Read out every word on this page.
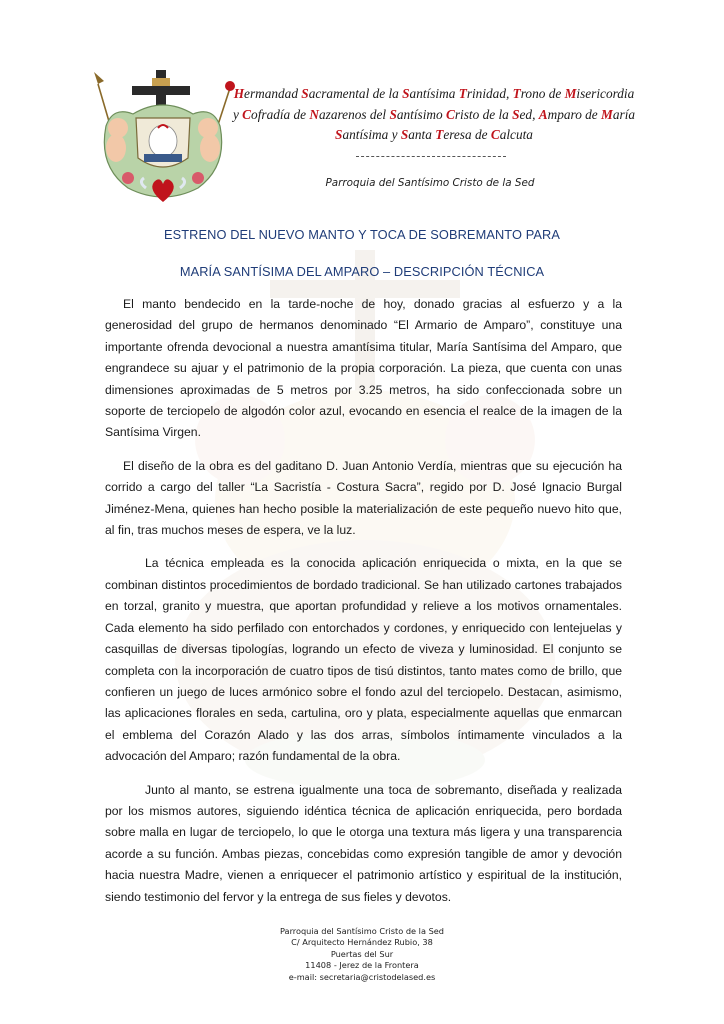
Hermandad Sacramental de la Santísima Trinidad, Trono de Misericordia y Cofradía de Nazarenos del Santísimo Cristo de la Sed, Amparo de María Santísima y Santa Teresa de Calcuta
Parroquia del Santísimo Cristo de la Sed
ESTRENO DEL NUEVO MANTO Y TOCA DE SOBREMANTO PARA
MARÍA SANTÍSIMA DEL AMPARO – DESCRIPCIÓN TÉCNICA

El manto bendecido en la tarde-noche de hoy, donado gracias al esfuerzo y a la generosidad del grupo de hermanos denominado “El Armario de Amparo”, constituye una importante ofrenda devocional a nuestra amantísima titular, María Santísima del Amparo, que engrandece su ajuar y el patrimonio de la propia corporación. La pieza, que cuenta con unas dimensiones aproximadas de 5 metros por 3.25 metros, ha sido confeccionada sobre un soporte de terciopelo de algodón color azul, evocando en esencia el realce de la imagen de la Santísima Virgen.

El diseño de la obra es del gaditano D. Juan Antonio Verdía, mientras que su ejecución ha corrido a cargo del taller “La Sacristía - Costura Sacra”, regido por D. José Ignacio Burgal Jiménez-Mena, quienes han hecho posible la materialización de este pequeño nuevo hito que, al fin, tras muchos meses de espera, ve la luz.

La técnica empleada es la conocida aplicación enriquecida o mixta, en la que se combinan distintos procedimientos de bordado tradicional. Se han utilizado cartones trabajados en torzal, granito y muestra, que aportan profundidad y relieve a los motivos ornamentales. Cada elemento ha sido perfilado con entorchados y cordones, y enriquecido con lentejuelas y casquillas de diversas tipologías, logrando un efecto de viveza y luminosidad. El conjunto se completa con la incorporación de cuatro tipos de tisú distintos, tanto mates como de brillo, que confieren un juego de luces armónico sobre el fondo azul del terciopelo. Destacan, asimismo, las aplicaciones florales en seda, cartulina, oro y plata, especialmente aquellas que enmarcan el emblema del Corazón Alado y las dos arras, símbolos íntimamente vinculados a la advocación del Amparo; razón fundamental de la obra.

Junto al manto, se estrena igualmente una toca de sobremanto, diseñada y realizada por los mismos autores, siguiendo idéntica técnica de aplicación enriquecida, pero bordada sobre malla en lugar de terciopelo, lo que le otorga una textura más ligera y una transparencia acorde a su función. Ambas piezas, concebidas como expresión tangible de amor y devoción hacia nuestra Madre, vienen a enriquecer el patrimonio artístico y espiritual de la institución, siendo testimonio del fervor y la entrega de sus fieles y devotos.

Parroquia del Santísimo Cristo de la Sed
C/ Arquitecto Hernández Rubio, 38
Puertas del Sur
11408 - Jerez de la Frontera
e-mail: secretaria@cristodelased.es
